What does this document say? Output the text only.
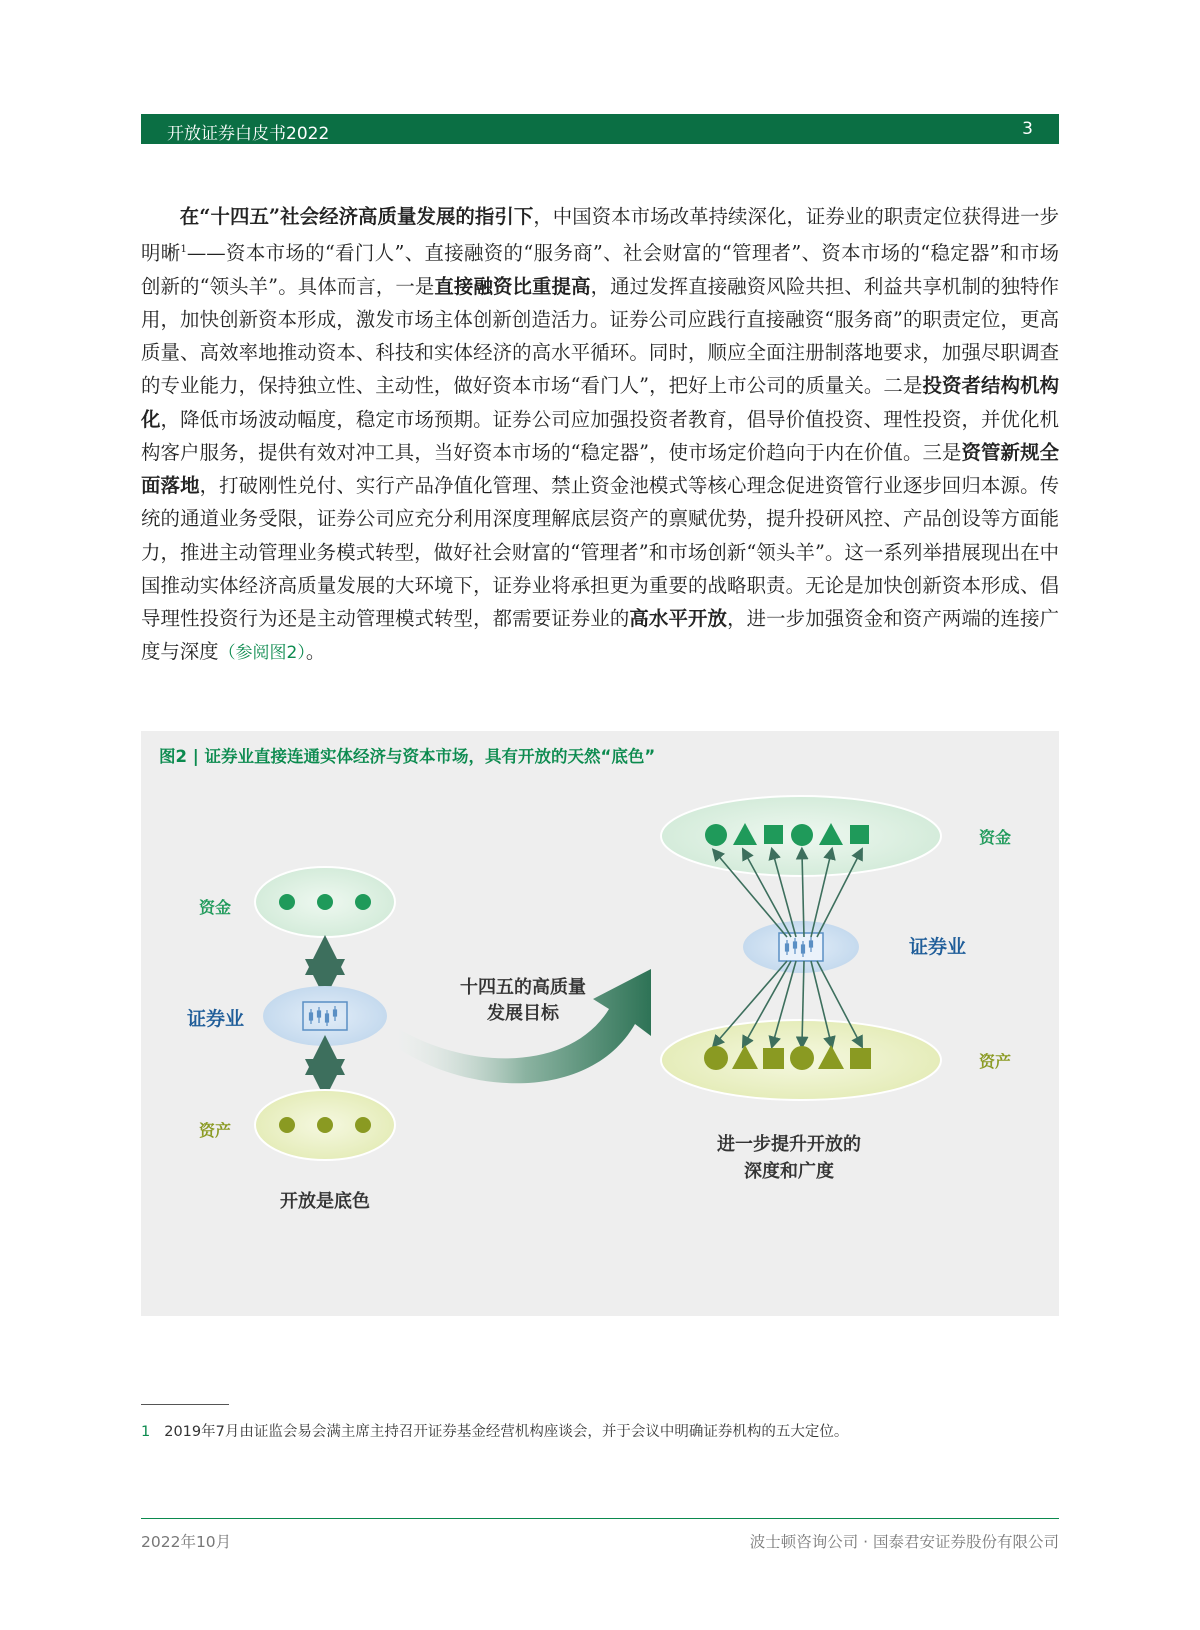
开放证券白皮书2022	3

在“十四五”社会经济高质量发展的指引下，中国资本市场改革持续深化，证券业的职责定位获得进一步明晰$^1$——资本市场的“看门人”、直接融资的“服务商”、社会财富的“管理者”、资本市场的“稳定器”和市场创新的“领头羊”。具体而言，一是直接融资比重提高，通过发挥直接融资风险共担、利益共享机制的独特作用，加快创新资本形成，激发市场主体创新创造活力。证券公司应践行直接融资“服务商”的职责定位，更高质量、高效率地推动资本、科技和实体经济的高水平循环。同时，顺应全面注册制落地要求，加强尽职调查的专业能力，保持独立性、主动性，做好资本市场“看门人”，把好上市公司的质量关。二是投资者结构机构化，降低市场波动幅度，稳定市场预期。证券公司应加强投资者教育，倡导价值投资、理性投资，并优化机构客户服务，提供有效对冲工具，当好资本市场的“稳定器”，使市场定价趋向于内在价值。三是资管新规全面落地，打破刚性兑付、实行产品净值化管理、禁止资金池模式等核心理念促进资管行业逐步回归本源。传统的通道业务受限，证券公司应充分利用深度理解底层资产的禀赋优势，提升投研风控、产品创设等方面能力，推进主动管理业务模式转型，做好社会财富的“管理者”和市场创新“领头羊”。这一系列举措展现出在中国推动实体经济高质量发展的大环境下，证券业将承担更为重要的战略职责。无论是加快创新资本形成、倡导理性投资行为还是主动管理模式转型，都需要证券业的高水平开放，进一步加强资金和资产两端的连接广度与深度（参阅图2）。

图2 | 证券业直接连通实体经济与资本市场，具有开放的天然“底色”
资金
证券业
资产
开放是底色
十四五的高质量
发展目标
资金
资产
证券业
进一步提升开放的
深度和广度
1 2019年7月由证监会易会满主席主持召开证券基金经营机构座谈会，并于会议中明确证券机构的五大定位。
2022年10月	波士顿咨询公司 · 国泰君安证券股份有限公司
